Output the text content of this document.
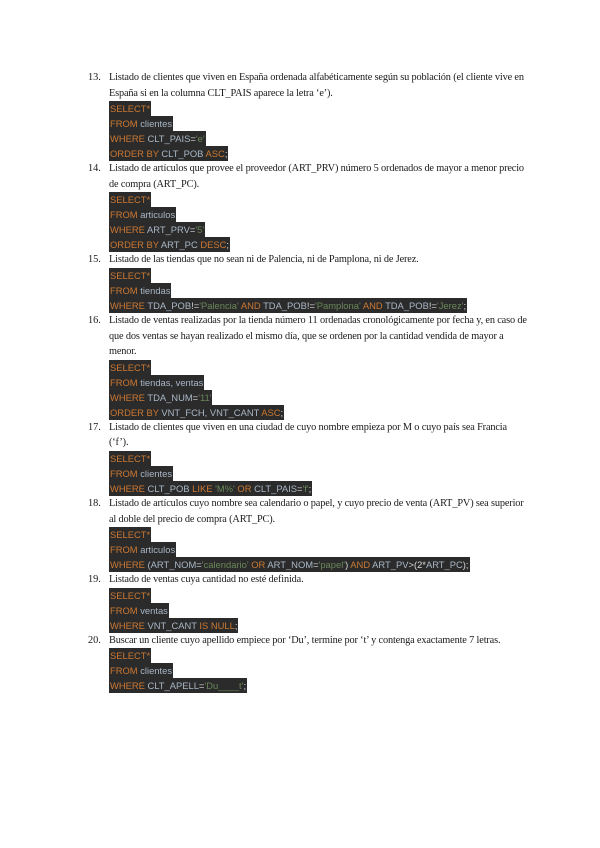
13. Listado de clientes que viven en España ordenada alfabéticamente según su población (el cliente vive en España si en la columna CLT_PAIS aparece la letra ‘e’).
SELECT*
FROM clientes
WHERE CLT_PAIS='e'
ORDER BY CLT_POB ASC;
14. Listado de artículos que provee el proveedor (ART_PRV) número 5 ordenados de mayor a menor precio de compra (ART_PC).
SELECT*
FROM articulos
WHERE ART_PRV='5'
ORDER BY ART_PC DESC;
15. Listado de las tiendas que no sean ni de Palencia, ni de Pamplona, ni de Jerez.
SELECT*
FROM tiendas
WHERE TDA_POB!='Palencia' AND TDA_POB!='Pamplona' AND TDA_POB!='Jerez';
16. Listado de ventas realizadas por la tienda número 11 ordenadas cronológicamente por fecha y, en caso de que dos ventas se hayan realizado el mismo día, que se ordenen por la cantidad vendida de mayor a menor.
SELECT*
FROM tiendas, ventas
WHERE TDA_NUM='11'
ORDER BY VNT_FCH, VNT_CANT ASC;
17. Listado de clientes que viven en una ciudad de cuyo nombre empieza por M o cuyo país sea Francia (‘f’).
SELECT*
FROM clientes
WHERE CLT_POB LIKE 'M%' OR CLT_PAIS='f';
18. Listado de artículos cuyo nombre sea calendario o papel, y cuyo precio de venta (ART_PV) sea superior al doble del precio de compra (ART_PC).
SELECT*
FROM articulos
WHERE (ART_NOM='calendario' OR ART_NOM='papel') AND ART_PV>(2*ART_PC);
19. Listado de ventas cuya cantidad no esté definida.
SELECT*
FROM ventas
WHERE VNT_CANT IS NULL;
20. Buscar un cliente cuyo apellido empiece por ‘Du’, termine por ‘t’ y contenga exactamente 7 letras.
SELECT*
FROM clientes
WHERE CLT_APELL='Du____t';
